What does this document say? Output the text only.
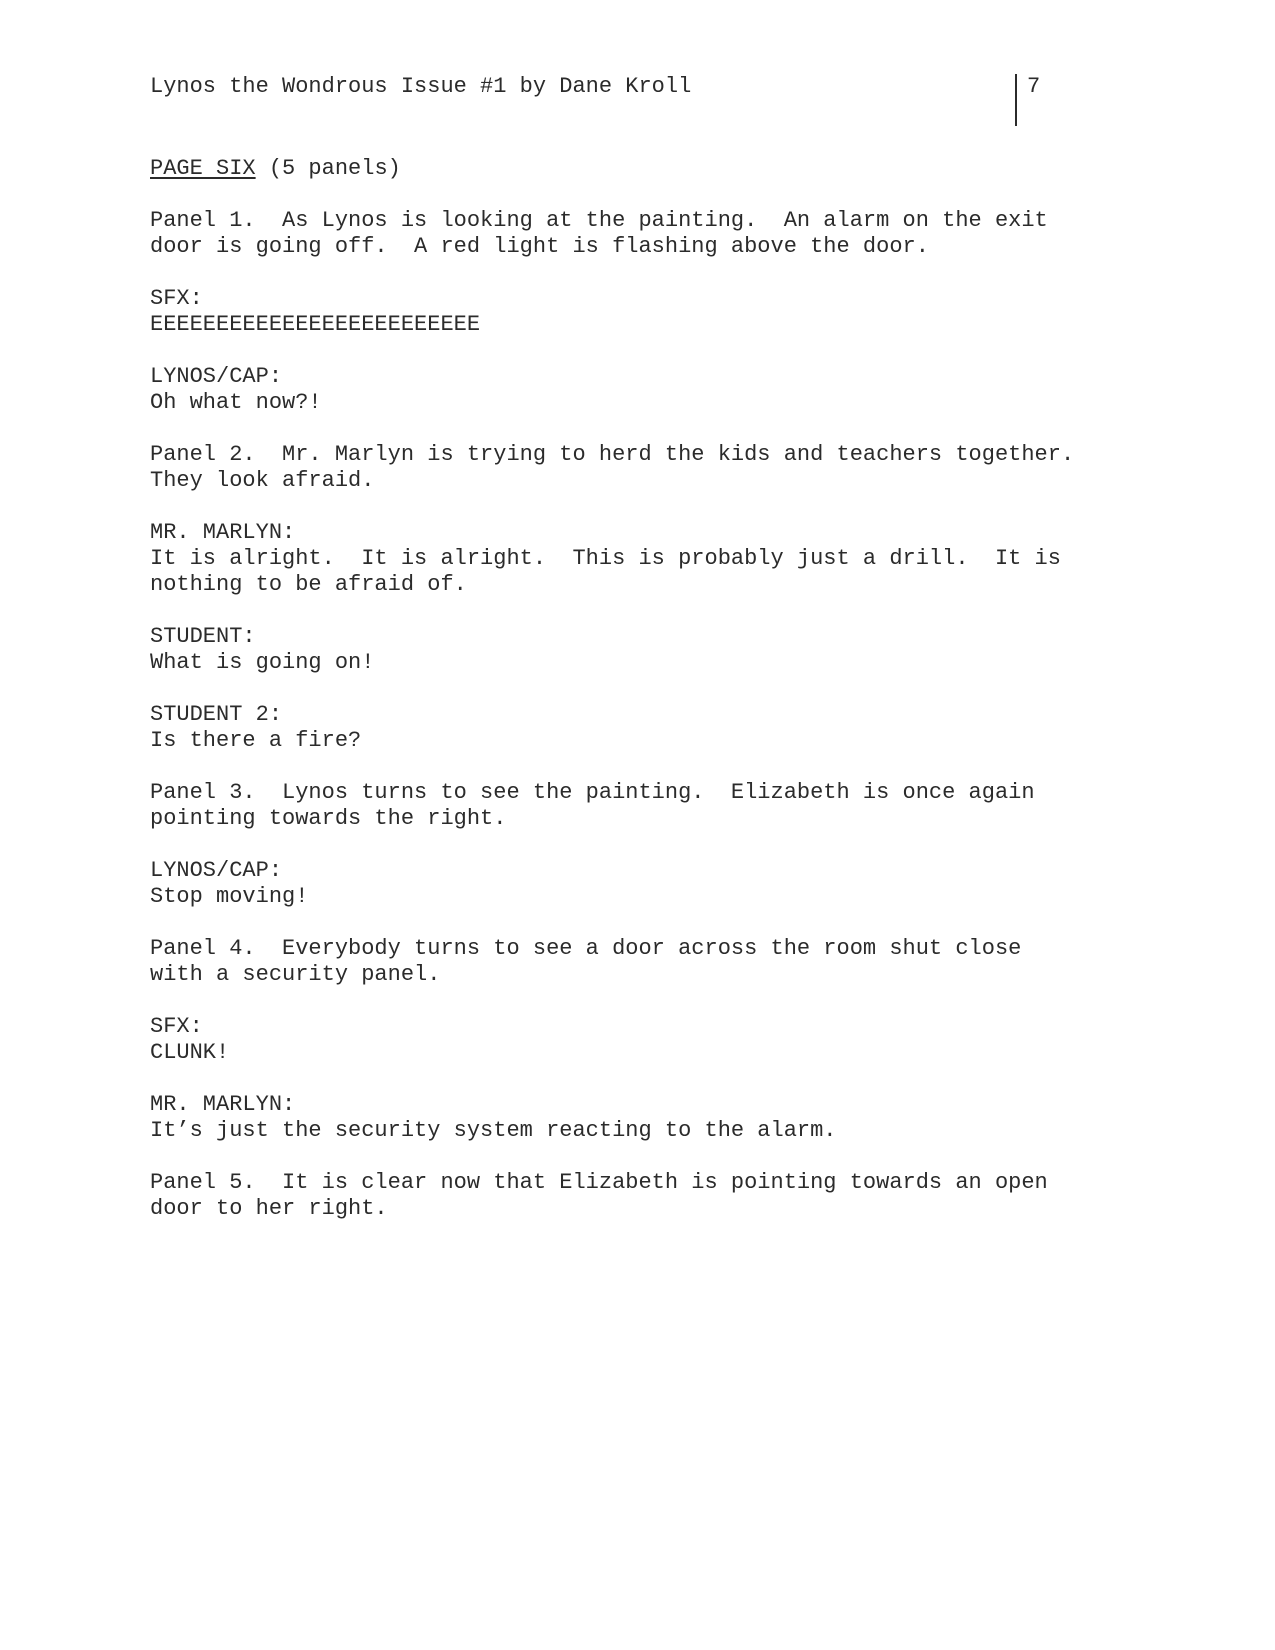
Lynos the Wondrous Issue #1 by Dane Kroll	7
PAGE SIX (5 panels)
Panel 1.  As Lynos is looking at the painting.  An alarm on the exit
door is going off.  A red light is flashing above the door.
SFX:
EEEEEEEEEEEEEEEEEEEEEEEEE
LYNOS/CAP:
Oh what now?!
Panel 2.  Mr. Marlyn is trying to herd the kids and teachers together.
They look afraid.
MR. MARLYN:
It is alright.  It is alright.  This is probably just a drill.  It is
nothing to be afraid of.
STUDENT:
What is going on!
STUDENT 2:
Is there a fire?
Panel 3.  Lynos turns to see the painting.  Elizabeth is once again
pointing towards the right.
LYNOS/CAP:
Stop moving!
Panel 4.  Everybody turns to see a door across the room shut close
with a security panel.
SFX:
CLUNK!
MR. MARLYN:
It’s just the security system reacting to the alarm.
Panel 5.  It is clear now that Elizabeth is pointing towards an open
door to her right.
